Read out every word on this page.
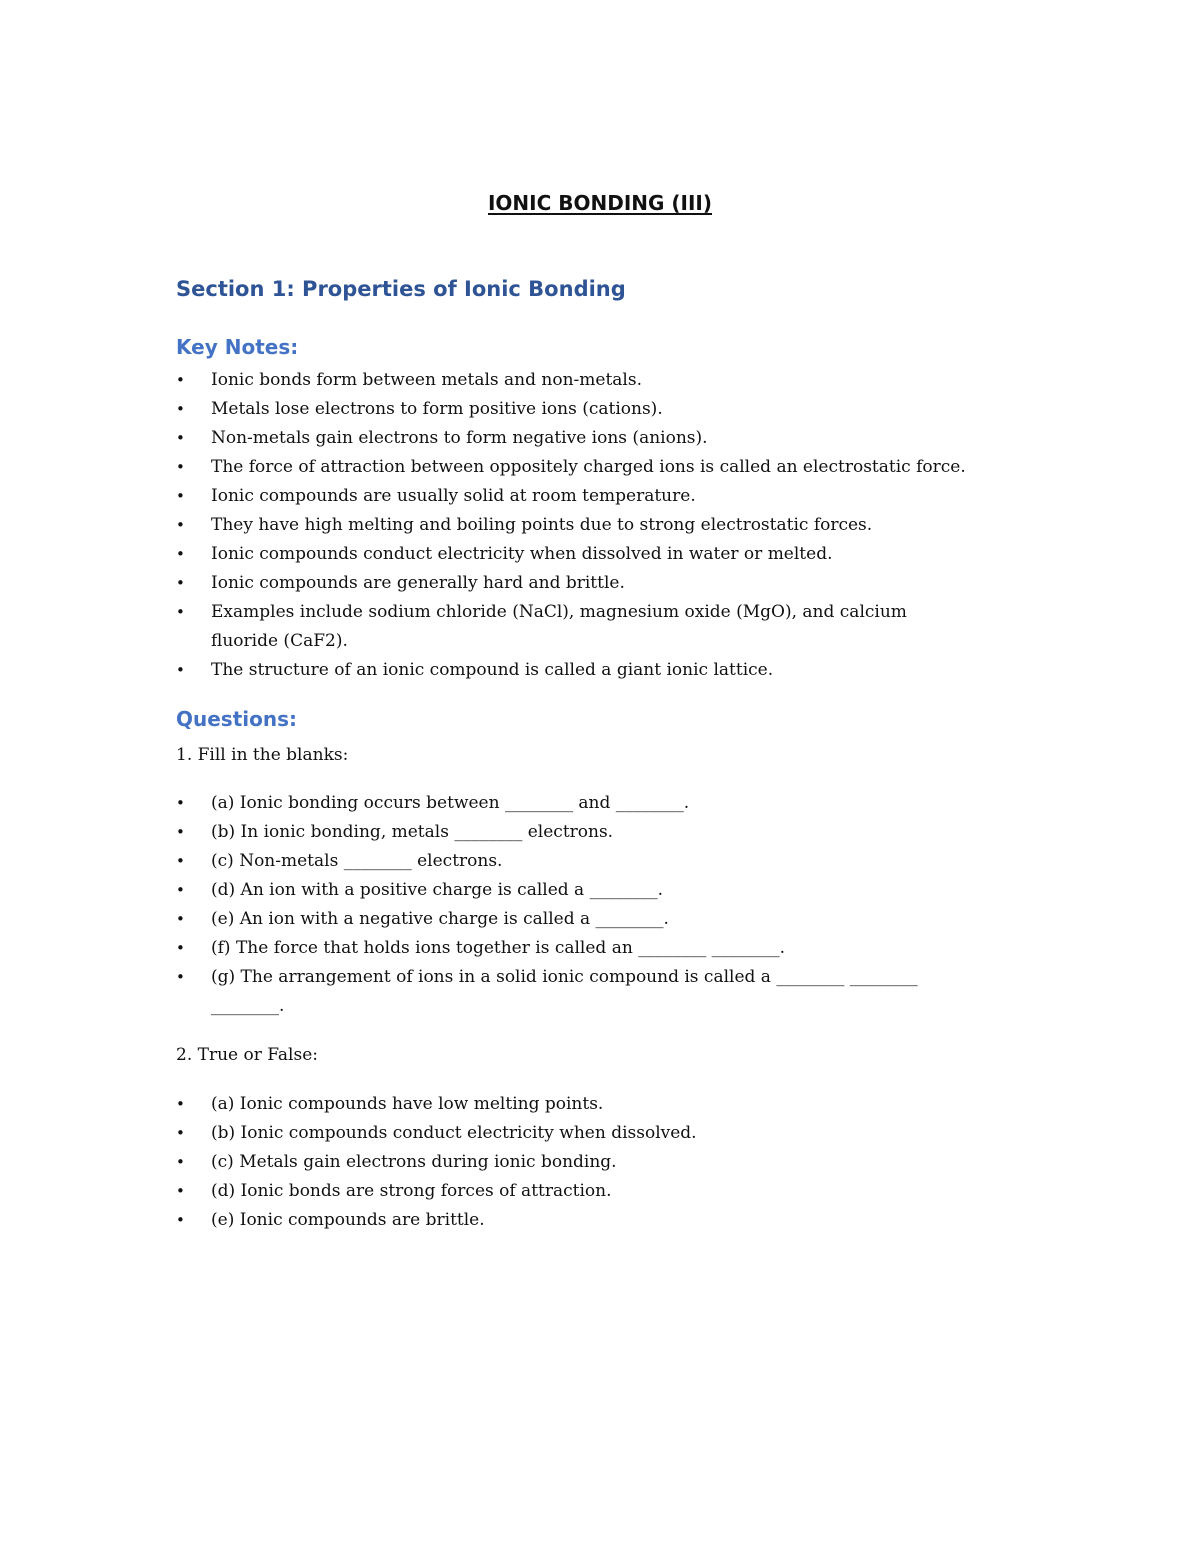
IONIC BONDING (III)
Section 1: Properties of Ionic Bonding
Key Notes:
• Ionic bonds form between metals and non-metals.
• Metals lose electrons to form positive ions (cations).
• Non-metals gain electrons to form negative ions (anions).
• The force of attraction between oppositely charged ions is called an electrostatic force.
• Ionic compounds are usually solid at room temperature.
• They have high melting and boiling points due to strong electrostatic forces.
• Ionic compounds conduct electricity when dissolved in water or melted.
• Ionic compounds are generally hard and brittle.
• Examples include sodium chloride (NaCl), magnesium oxide (MgO), and calcium fluoride (CaF2).
• The structure of an ionic compound is called a giant ionic lattice.
Questions:

1. Fill in the blanks:

• (a) Ionic bonding occurs between ________ and ________.
• (b) In ionic bonding, metals ________ electrons.
• (c) Non-metals ________ electrons.
• (d) An ion with a positive charge is called a ________.
• (e) An ion with a negative charge is called a ________.
• (f) The force that holds ions together is called an ________ ________.
• (g) The arrangement of ions in a solid ionic compound is called a ________ ________ ________.

2. True or False:

• (a) Ionic compounds have low melting points.
• (b) Ionic compounds conduct electricity when dissolved.
• (c) Metals gain electrons during ionic bonding.
• (d) Ionic bonds are strong forces of attraction.
• (e) Ionic compounds are brittle.
